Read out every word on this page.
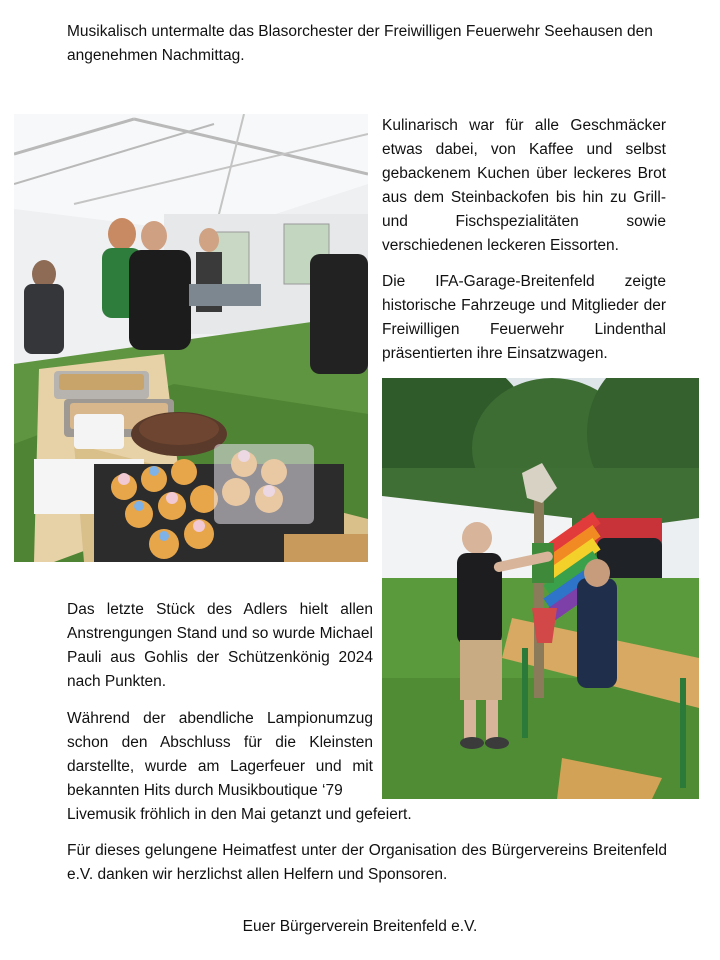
Musikalisch untermalte das Blasorchester der Freiwilligen Feuerwehr Seehausen den angenehmen Nachmittag.

Kulinarisch war für alle Geschmäcker etwas dabei, von Kaffee und selbst gebackenem Kuchen über leckeres Brot aus dem Steinbackofen bis hin zu Grill- und Fischspezialitäten sowie verschiedenen leckeren Eissorten.

Die IFA-Garage-Breitenfeld zeigte historische Fahrzeuge und Mitglieder der Freiwilligen Feuerwehr Lindenthal präsentierten ihre Einsatzwagen.

Das letzte Stück des Adlers hielt allen Anstrengungen Stand und so wurde Michael Pauli aus Gohlis der Schützenkönig 2024 nach Punkten.

Während der abendliche Lampionumzug schon den Abschluss für die Kleinsten darstellte, wurde am Lagerfeuer und mit bekannten Hits durch Musikboutique ‘79

Livemusik fröhlich in den Mai getanzt und gefeiert.

Für dieses gelungene Heimatfest unter der Organisation des Bürgervereins Breitenfeld e.V. danken wir herzlichst allen Helfern und Sponsoren.

Euer Bürgerverein Breitenfeld e.V.
